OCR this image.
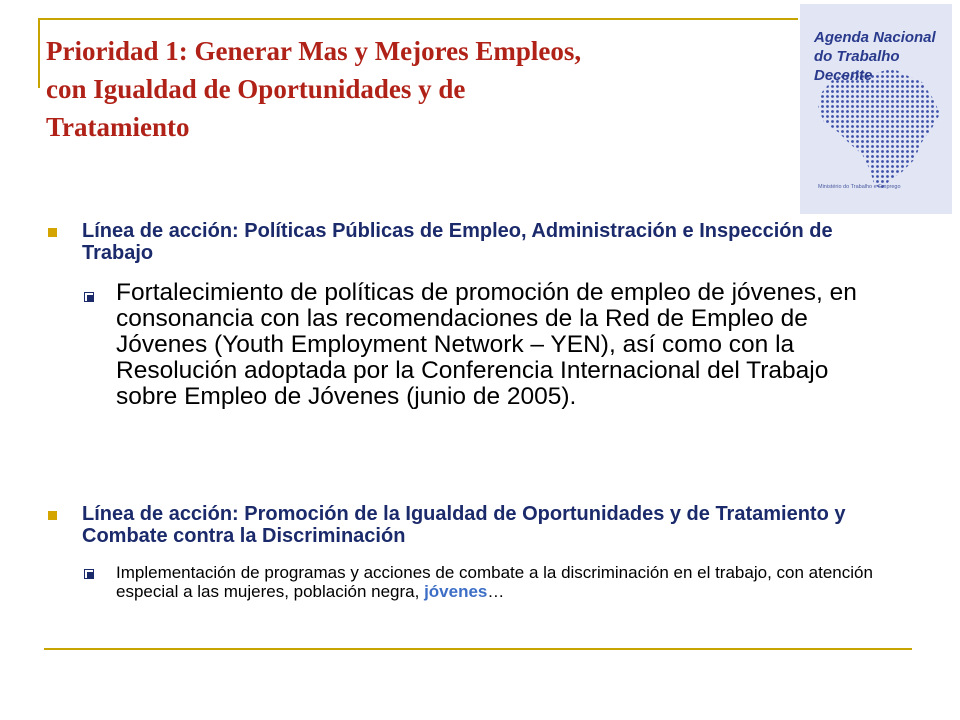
Prioridad 1: Generar Mas y Mejores Empleos,
con Igualdad de Oportunidades y de
Tratamiento
Agenda Nacional
do Trabalho Decente
Ministério do Trabalho e Emprego
Línea de acción: Políticas Públicas de Empleo, Administración e Inspección de Trabajo
Fortalecimiento de políticas de promoción de empleo de jóvenes, en consonancia con las recomendaciones de la Red de Empleo de Jóvenes (Youth Employment Network – YEN), así como con la Resolución adoptada por la Conferencia Internacional del Trabajo sobre Empleo de Jóvenes (junio de 2005).
Línea de acción: Promoción de la Igualdad de Oportunidades y de Tratamiento y Combate contra la Discriminación
Implementación de programas y acciones de combate a la discriminación en el trabajo, con atención especial a las mujeres, población negra, jóvenes…
